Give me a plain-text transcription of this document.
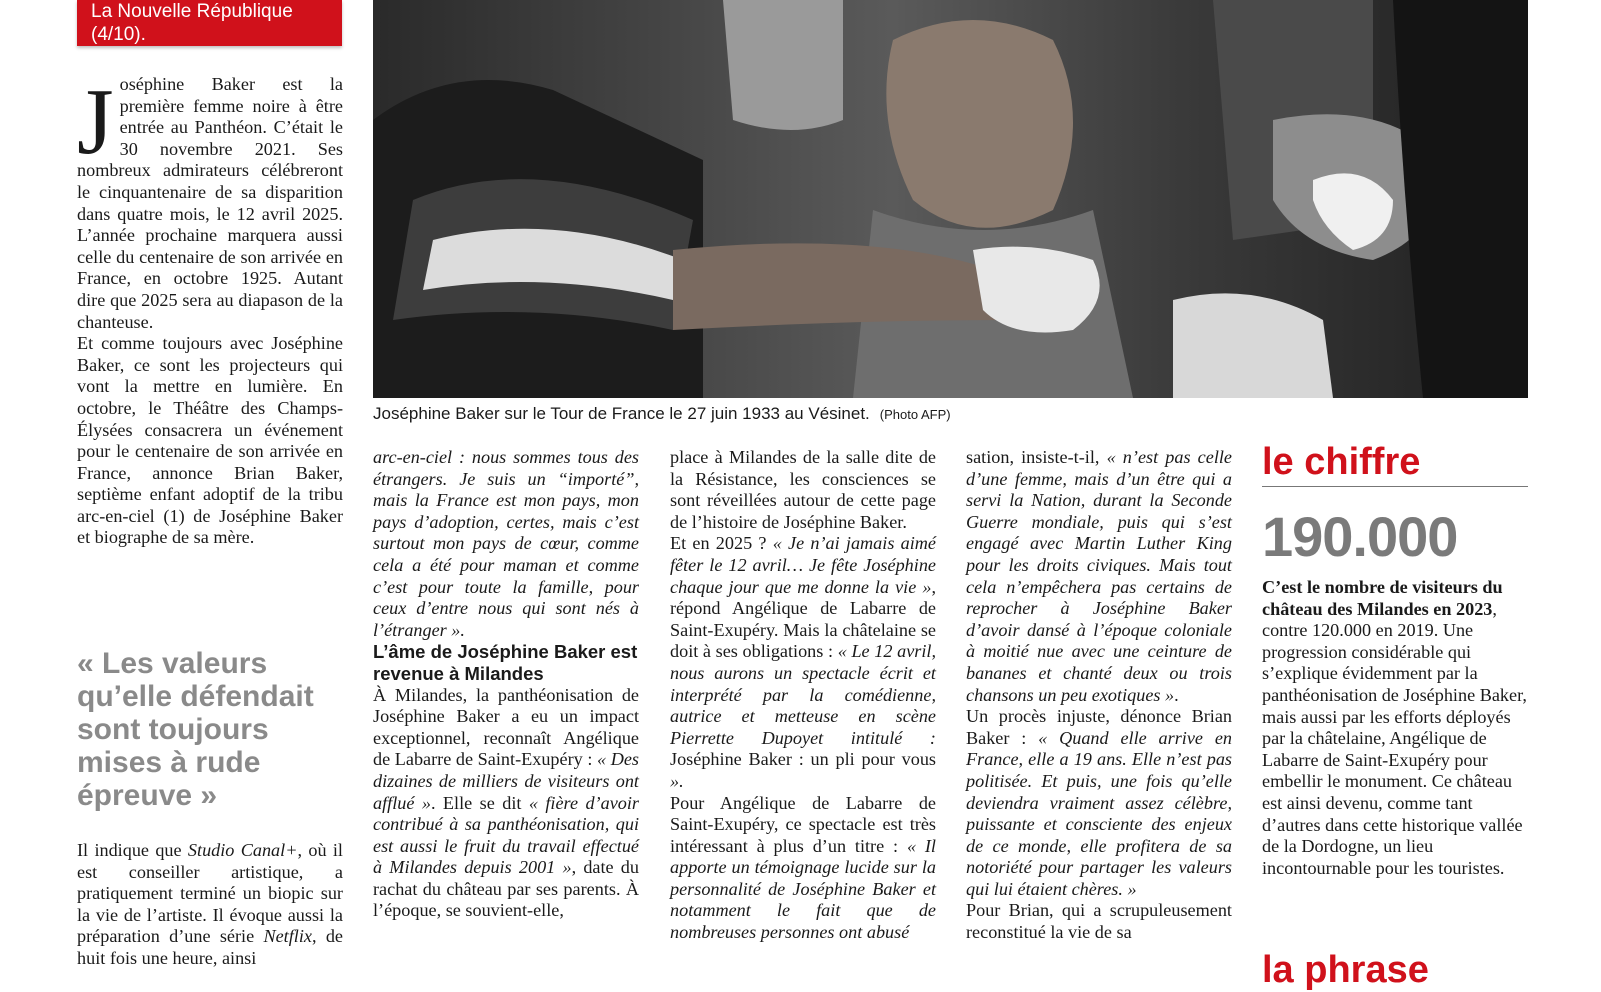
La Nouvelle République (4/10).

Joséphine Baker est la première femme noire à être entrée au Panthéon. C’était le 30 novembre 2021. Ses nombreux admirateurs célébreront le cinquantenaire de sa disparition dans quatre mois, le 12 avril 2025. L’année prochaine marquera aussi celle du centenaire de son arrivée en France, en octobre 1925. Autant dire que 2025 sera au diapason de la chanteuse.

Et comme toujours avec Joséphine Baker, ce sont les projecteurs qui vont la mettre en lumière. En octobre, le Théâtre des Champs-Élysées consacrera un événement pour le centenaire de son arrivée en France, annonce Brian Baker, septième enfant adoptif de la tribu arc-en-ciel (1) de Joséphine Baker et biographe de sa mère.

« Les valeurs qu’elle défendait sont toujours mises à rude épreuve »

Il indique que Studio Canal+, où il est conseiller artistique, a pratiquement terminé un biopic sur la vie de l’artiste. Il évoque aussi la préparation d’une série Netflix, de huit fois une heure, ainsi

Joséphine Baker sur le Tour de France le 27 juin 1933 au Vésinet. (Photo AFP)

arc-en-ciel : nous sommes tous des étrangers. Je suis un “importé”, mais la France est mon pays, mon pays d’adoption, certes, mais c’est surtout mon pays de cœur, comme cela a été pour maman et comme c’est pour toute la famille, pour ceux d’entre nous qui sont nés à l’étranger ».

L’âme de Joséphine Baker est revenue à Milandes

À Milandes, la panthéonisation de Joséphine Baker a eu un impact exceptionnel, reconnaît Angélique de Labarre de Saint-Exupéry : « Des dizaines de milliers de visiteurs ont afflué ». Elle se dit « fière d’avoir contribué à sa panthéonisation, qui est aussi le fruit du travail effectué à Milandes depuis 2001 », date du rachat du château par ses parents. À l’époque, se souvient-elle,

place à Milandes de la salle dite de la Résistance, les consciences se sont réveillées autour de cette page de l’histoire de Joséphine Baker.

Et en 2025 ? « Je n’ai jamais aimé fêter le 12 avril… Je fête Joséphine chaque jour que me donne la vie », répond Angélique de Labarre de Saint-Exupéry. Mais la châtelaine se doit à ses obligations : « Le 12 avril, nous aurons un spectacle écrit et interprété par la comédienne, autrice et metteuse en scène Pierrette Dupoyet intitulé : Joséphine Baker : un pli pour vous ».

Pour Angélique de Labarre de Saint-Exupéry, ce spectacle est très intéressant à plus d’un titre : « Il apporte un témoignage lucide sur la personnalité de Joséphine Baker et notamment le fait que de nombreuses personnes ont abusé

sation, insiste-t-il, « n’est pas celle d’une femme, mais d’un être qui a servi la Nation, durant la Seconde Guerre mondiale, puis qui s’est engagé avec Martin Luther King pour les droits civiques. Mais tout cela n’empêchera pas certains de reprocher à Joséphine Baker d’avoir dansé à l’époque coloniale à moitié nue avec une ceinture de bananes et chanté deux ou trois chansons un peu exotiques ».

Un procès injuste, dénonce Brian Baker : « Quand elle arrive en France, elle a 19 ans. Elle n’est pas politisée. Et puis, une fois qu’elle deviendra vraiment assez célèbre, puissante et consciente des enjeux de ce monde, elle profitera de sa notoriété pour partager les valeurs qui lui étaient chères. »

Pour Brian, qui a scrupuleusement reconstitué la vie de sa

le chiffre
190.000
C’est le nombre de visiteurs du château des Milandes en 2023, contre 120.000 en 2019. Une progression considérable qui s’explique évidemment par la panthéonisation de Joséphine Baker, mais aussi par les efforts déployés par la châtelaine, Angélique de Labarre de Saint-Exupéry pour embellir le monument. Ce château est ainsi devenu, comme tant d’autres dans cette historique vallée de la Dordogne, un lieu incontournable pour les touristes.
la phrase
